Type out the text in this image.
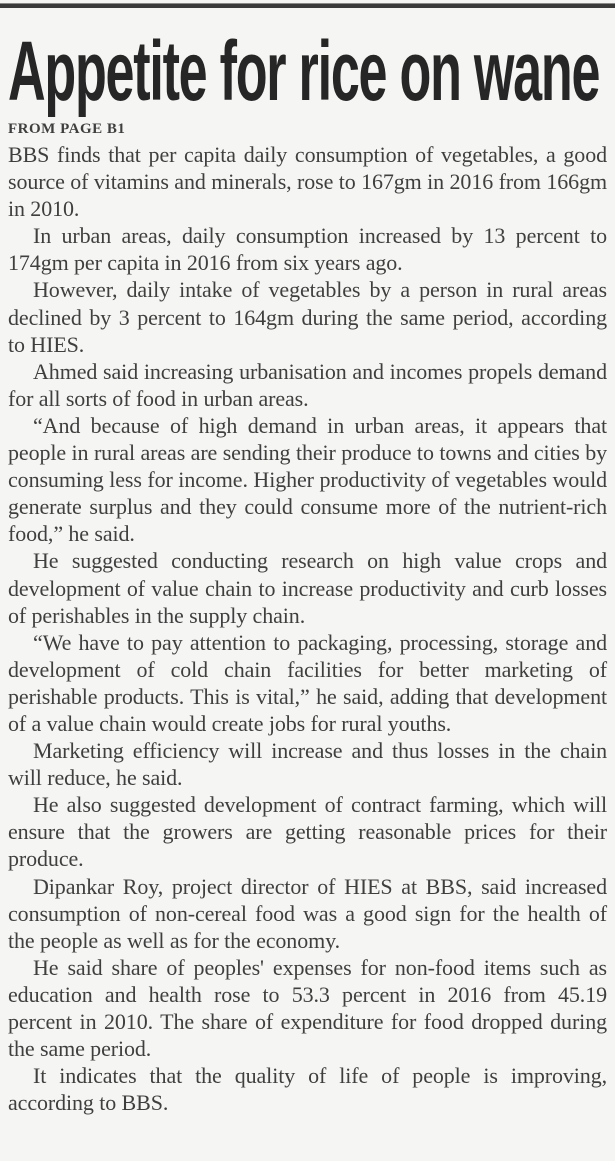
Appetite for rice on wane
FROM PAGE B1

BBS finds that per capita daily consumption of vegetables, a good source of vitamins and minerals, rose to 167gm in 2016 from 166gm in 2010.

In urban areas, daily consumption increased by 13 percent to 174gm per capita in 2016 from six years ago.

However, daily intake of vegetables by a person in rural areas declined by 3 percent to 164gm during the same period, according to HIES.

Ahmed said increasing urbanisation and incomes propels demand for all sorts of food in urban areas.

“And because of high demand in urban areas, it appears that people in rural areas are sending their produce to towns and cities by consuming less for income. Higher productivity of vegetables would generate surplus and they could consume more of the nutrient-rich food,” he said.

He suggested conducting research on high value crops and development of value chain to increase productivity and curb losses of perishables in the supply chain.

“We have to pay attention to packaging, processing, storage and development of cold chain facilities for better marketing of perishable products. This is vital,” he said, adding that development of a value chain would create jobs for rural youths.

Marketing efficiency will increase and thus losses in the chain will reduce, he said.

He also suggested development of contract farming, which will ensure that the growers are getting reasonable prices for their produce.

Dipankar Roy, project director of HIES at BBS, said increased consumption of non-cereal food was a good sign for the health of the people as well as for the economy.

He said share of peoples' expenses for non-food items such as education and health rose to 53.3 percent in 2016 from 45.19 percent in 2010. The share of expenditure for food dropped during the same period.

It indicates that the quality of life of people is improving, according to BBS.
